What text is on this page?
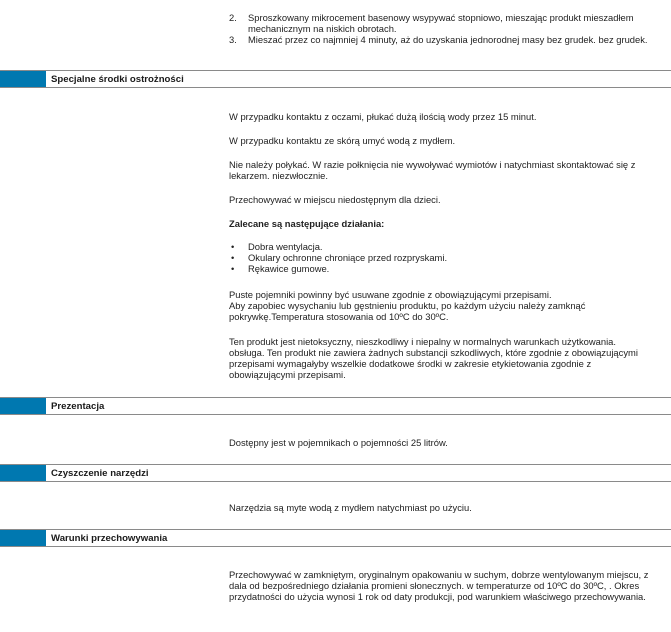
2. Sproszkowany mikrocement basenowy wsypywać stopniowo, mieszając produkt mieszadłem mechanicznym na niskich obrotach.
3. Mieszać przez co najmniej 4 minuty, aż do uzyskania jednorodnej masy bez grudek. bez grudek.
Specjalne środki ostrożności

W przypadku kontaktu z oczami, płukać dużą ilością wody przez 15 minut.

W przypadku kontaktu ze skórą umyć wodą z mydłem.

Nie należy połykać. W razie połknięcia nie wywoływać wymiotów i natychmiast skontaktować się z lekarzem. niezwłocznie.

Przechowywać w miejscu niedostępnym dla dzieci.

Zalecane są następujące działania:

• Dobra wentylacja.
• Okulary ochronne chroniące przed rozpryskami.
• Rękawice gumowe.

Puste pojemniki powinny być usuwane zgodnie z obowiązującymi przepisami.

Aby zapobiec wysychaniu lub gęstnieniu produktu, po każdym użyciu należy zamknąć pokrywkę.Temperatura stosowania od 10ºC do 30ºC.

Ten produkt jest nietoksyczny, nieszkodliwy i niepalny w normalnych warunkach użytkowania. obsługa. Ten produkt nie zawiera żadnych substancji szkodliwych, które zgodnie z obowiązującymi przepisami wymagałyby wszelkie dodatkowe środki w zakresie etykietowania zgodnie z obowiązującymi przepisami.

Prezentacja

Dostępny jest w pojemnikach o pojemności 25 litrów.

Czyszczenie narzędzi

Narzędzia są myte wodą z mydłem natychmiast po użyciu.

Warunki przechowywania

Przechowywać w zamkniętym, oryginalnym opakowaniu w suchym, dobrze wentylowanym miejscu, z dala od bezpośredniego działania promieni słonecznych. w temperaturze od 10ºC do 30ºC, . Okres przydatności do użycia wynosi 1 rok od daty produkcji, pod warunkiem właściwego przechowywania.
